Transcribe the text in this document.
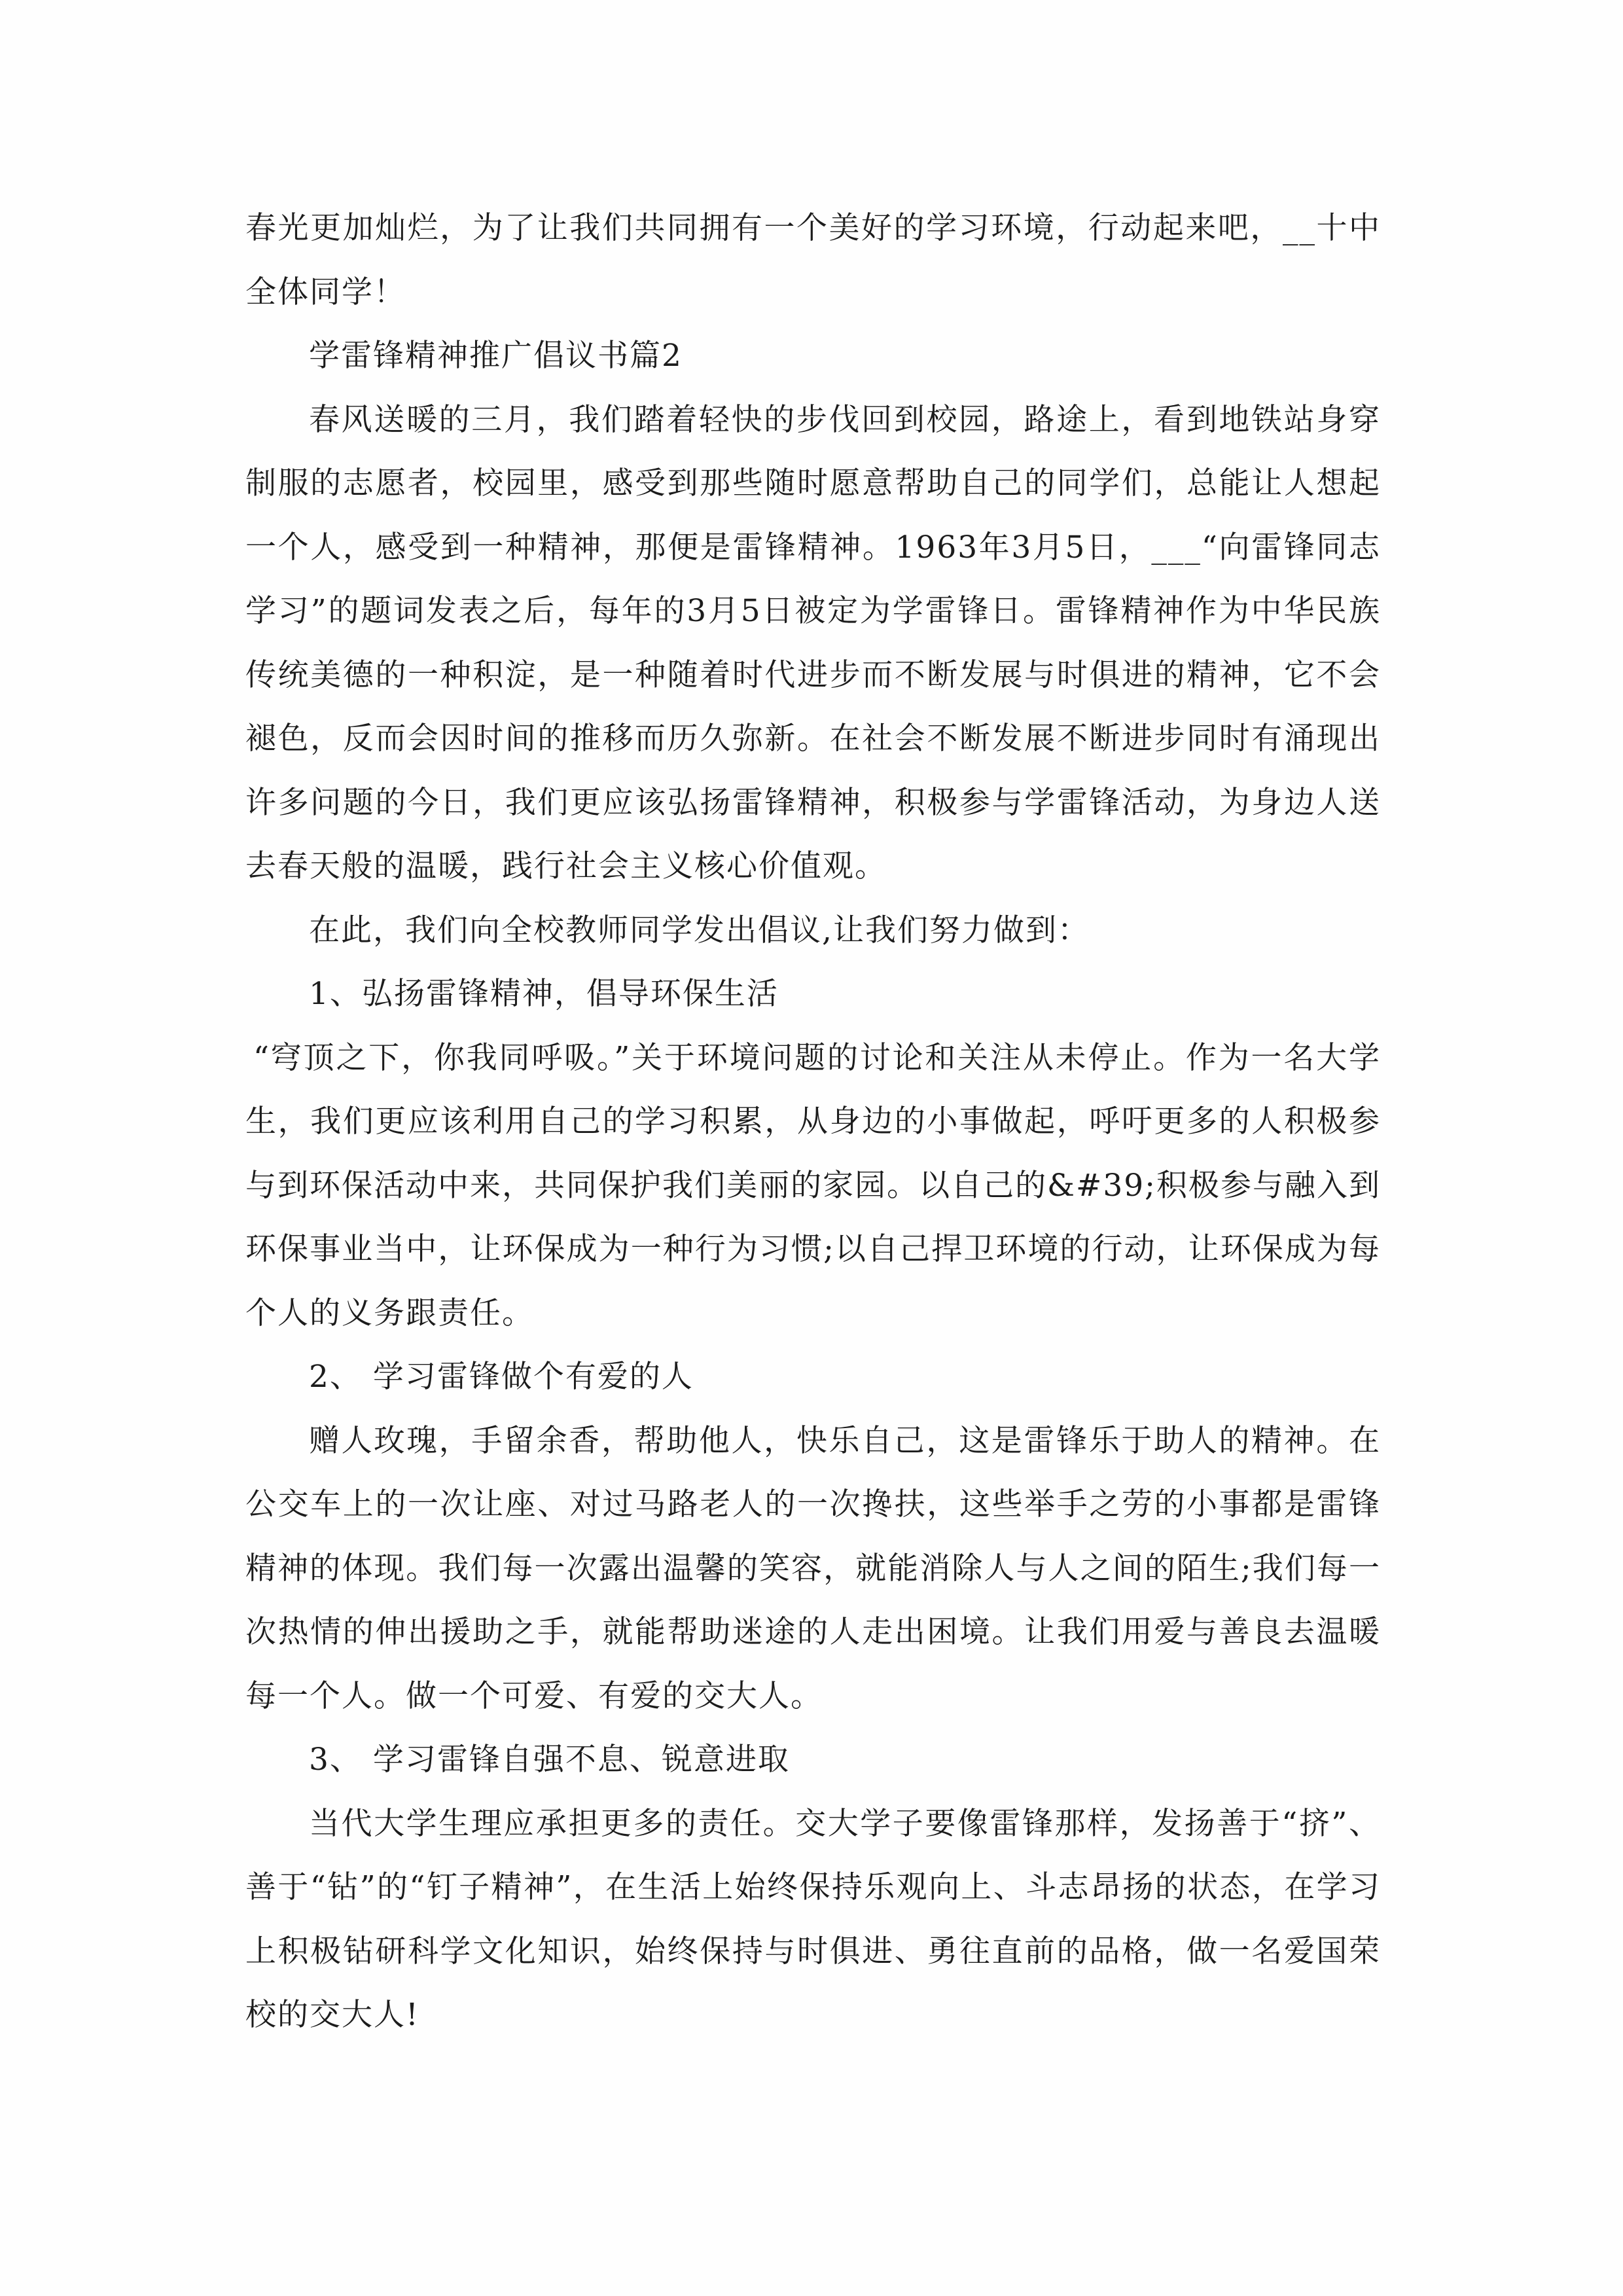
春光更加灿烂，为了让我们共同拥有一个美好的学习环境，行动起来吧，__十中全体同学！

学雷锋精神推广倡议书篇2

春风送暖的三月，我们踏着轻快的步伐回到校园，路途上，看到地铁站身穿制服的志愿者，校园里，感受到那些随时愿意帮助自己的同学们，总能让人想起一个人，感受到一种精神，那便是雷锋精神。1963年3月5日，___“向雷锋同志学习”的题词发表之后，每年的3月5日被定为学雷锋日。雷锋精神作为中华民族传统美德的一种积淀，是一种随着时代进步而不断发展与时俱进的精神，它不会褪色，反而会因时间的推移而历久弥新。在社会不断发展不断进步同时有涌现出许多问题的今日，我们更应该弘扬雷锋精神，积极参与学雷锋活动，为身边人送去春天般的温暖，践行社会主义核心价值观。

在此，我们向全校教师同学发出倡议,让我们努力做到：

1、弘扬雷锋精神，倡导环保生活

“穹顶之下，你我同呼吸。”关于环境问题的讨论和关注从未停止。作为一名大学生，我们更应该利用自己的学习积累，从身边的小事做起，呼吁更多的人积极参与到环保活动中来，共同保护我们美丽的家园。以自己的&#39;积极参与融入到环保事业当中，让环保成为一种行为习惯;以自己捍卫环境的行动，让环保成为每个人的义务跟责任。

2、 学习雷锋做个有爱的人

赠人玫瑰，手留余香，帮助他人，快乐自己，这是雷锋乐于助人的精神。在公交车上的一次让座、对过马路老人的一次搀扶，这些举手之劳的小事都是雷锋精神的体现。我们每一次露出温馨的笑容，就能消除人与人之间的陌生;我们每一次热情的伸出援助之手，就能帮助迷途的人走出困境。让我们用爱与善良去温暖每一个人。做一个可爱、有爱的交大人。

3、 学习雷锋自强不息、锐意进取

当代大学生理应承担更多的责任。交大学子要像雷锋那样，发扬善于“挤”、善于“钻”的“钉子精神”，在生活上始终保持乐观向上、斗志昂扬的状态，在学习上积极钻研科学文化知识，始终保持与时俱进、勇往直前的品格，做一名爱国荣校的交大人!
